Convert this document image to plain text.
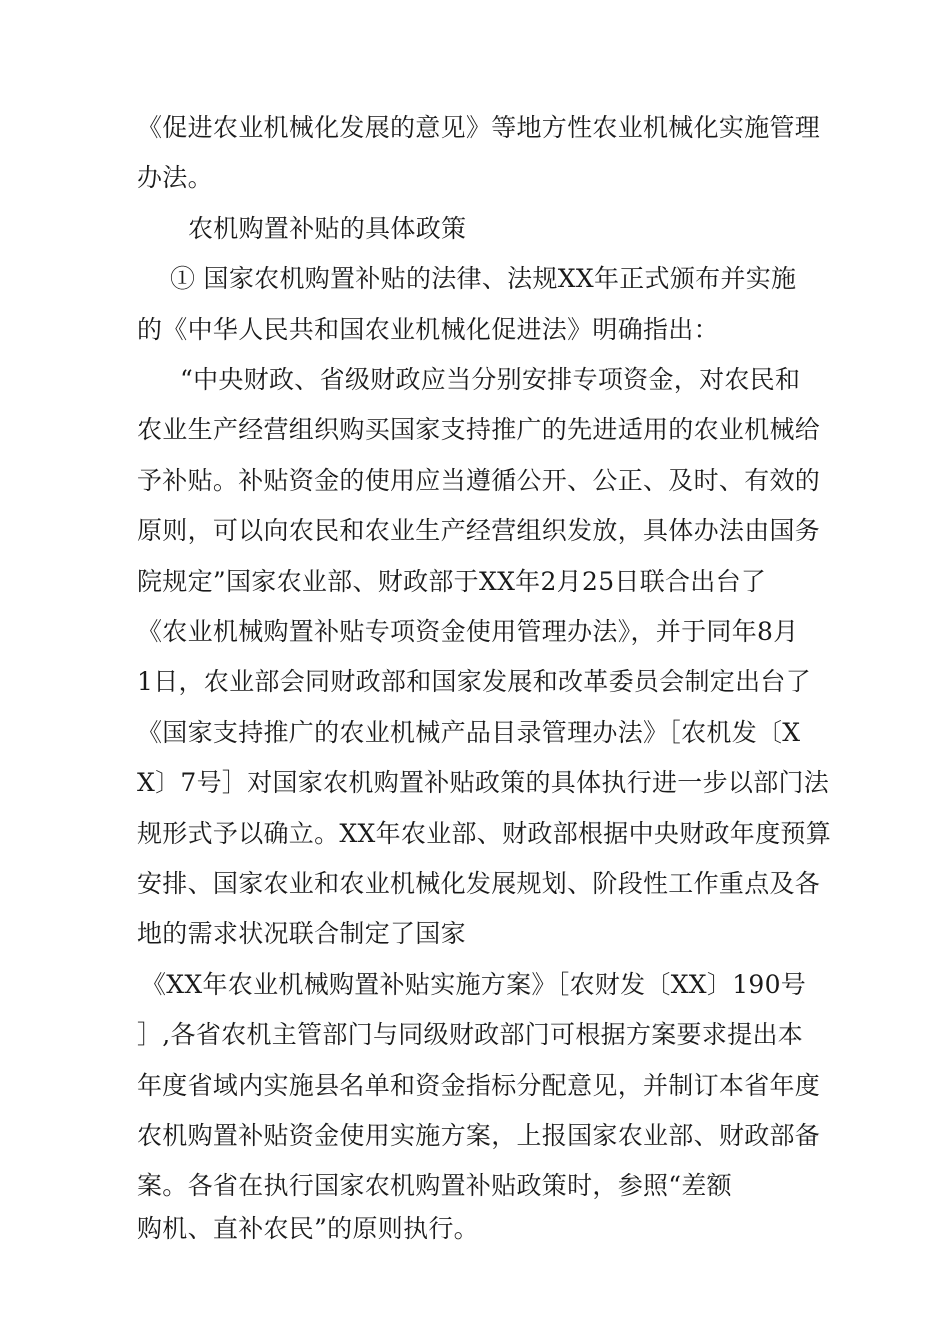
《促进农业机械化发展的意见》等地方性农业机械化实施管理

办法。

农机购置补贴的具体政策

① 国家农机购置补贴的法律、法规XX年正式颁布并实施

的《中华人民共和国农业机械化促进法》明确指出：

“中央财政、省级财政应当分别安排专项资金，对农民和

农业生产经营组织购买国家支持推广的先进适用的农业机械给

予补贴。补贴资金的使用应当遵循公开、公正、及时、有效的

原则，可以向农民和农业生产经营组织发放，具体办法由国务

院规定”国家农业部、财政部于XX年2月25日联合出台了

《农业机械购置补贴专项资金使用管理办法》，并于同年8月

1日，农业部会同财政部和国家发展和改革委员会制定出台了

《国家支持推广的农业机械产品目录管理办法》［农机发〔X

X〕7号］对国家农机购置补贴政策的具体执行进一步以部门法

规形式予以确立。XX年农业部、财政部根据中央财政年度预算

安排、国家农业和农业机械化发展规划、阶段性工作重点及各

地的需求状况联合制定了国家

《XX年农业机械购置补贴实施方案》［农财发〔XX〕190号

］,各省农机主管部门与同级财政部门可根据方案要求提出本

年度省域内实施县名单和资金指标分配意见，并制订本省年度

农机购置补贴资金使用实施方案，上报国家农业部、财政部备

案。各省在执行国家农机购置补贴政策时，参照“差额

购机、直补农民”的原则执行。
